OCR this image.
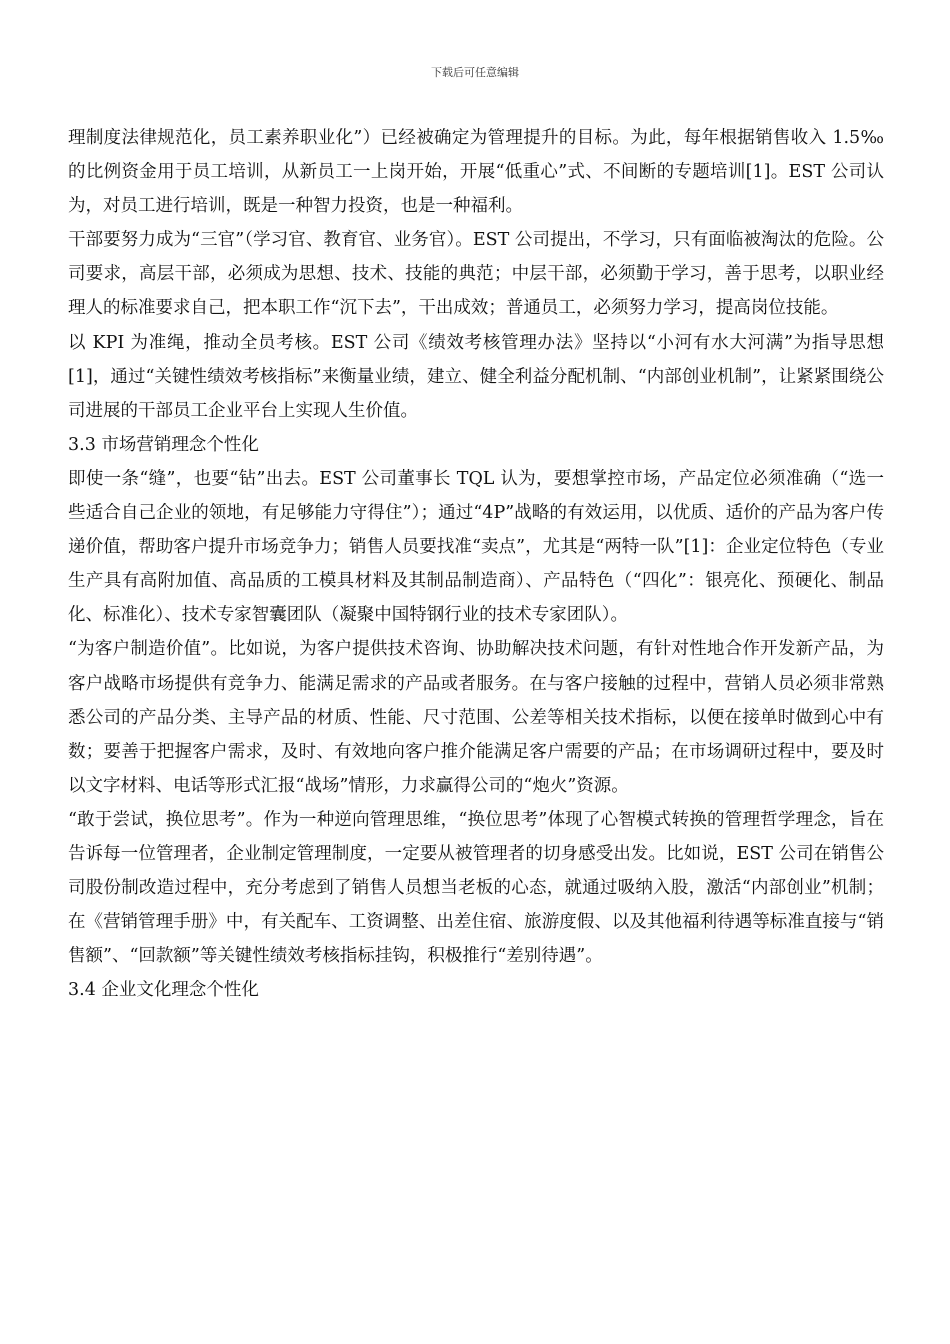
下载后可任意编辑

理制度法律规范化，员工素养职业化”）已经被确定为管理提升的目标。为此，每年根据销售收入 1.5‰的比例资金用于员工培训，从新员工一上岗开始，开展“低重心”式、不间断的专题培训[1]。EST 公司认为，对员工进行培训，既是一种智力投资，也是一种福利。

干部要努力成为“三官”（学习官、教育官、业务官）。EST 公司提出，不学习，只有面临被淘汰的危险。公司要求，高层干部，必须成为思想、技术、技能的典范；中层干部，必须勤于学习，善于思考，以职业经理人的标准要求自己，把本职工作“沉下去”，干出成效；普通员工，必须努力学习，提高岗位技能。

以 KPI 为准绳，推动全员考核。EST 公司《绩效考核管理办法》坚持以“小河有水大河满”为指导思想[1]，通过“关键性绩效考核指标”来衡量业绩，建立、健全利益分配机制、“内部创业机制”，让紧紧围绕公司进展的干部员工企业平台上实现人生价值。

3.3 市场营销理念个性化

即使一条“缝”，也要“钻”出去。EST 公司董事长 TQL 认为，要想掌控市场，产品定位必须准确（“选一些适合自己企业的领地，有足够能力守得住”）；通过“4P”战略的有效运用，以优质、适价的产品为客户传递价值，帮助客户提升市场竞争力；销售人员要找准“卖点”，尤其是“两特一队”[1]：企业定位特色（专业生产具有高附加值、高品质的工模具材料及其制品制造商）、产品特色（“四化”：银亮化、预硬化、制品化、标准化）、技术专家智囊团队（凝聚中国特钢行业的技术专家团队）。

“为客户制造价值”。比如说，为客户提供技术咨询、协助解决技术问题，有针对性地合作开发新产品，为客户战略市场提供有竞争力、能满足需求的产品或者服务。在与客户接触的过程中，营销人员必须非常熟悉公司的产品分类、主导产品的材质、性能、尺寸范围、公差等相关技术指标，以便在接单时做到心中有数；要善于把握客户需求，及时、有效地向客户推介能满足客户需要的产品；在市场调研过程中，要及时以文字材料、电话等形式汇报“战场”情形，力求赢得公司的“炮火”资源。

“敢于尝试，换位思考”。作为一种逆向管理思维，“换位思考”体现了心智模式转换的管理哲学理念，旨在告诉每一位管理者，企业制定管理制度，一定要从被管理者的切身感受出发。比如说，EST 公司在销售公司股份制改造过程中，充分考虑到了销售人员想当老板的心态，就通过吸纳入股，激活“内部创业”机制；在《营销管理手册》中，有关配车、工资调整、出差住宿、旅游度假、以及其他福利待遇等标准直接与“销售额”、“回款额”等关键性绩效考核指标挂钩，积极推行“差别待遇”。

3.4 企业文化理念个性化
